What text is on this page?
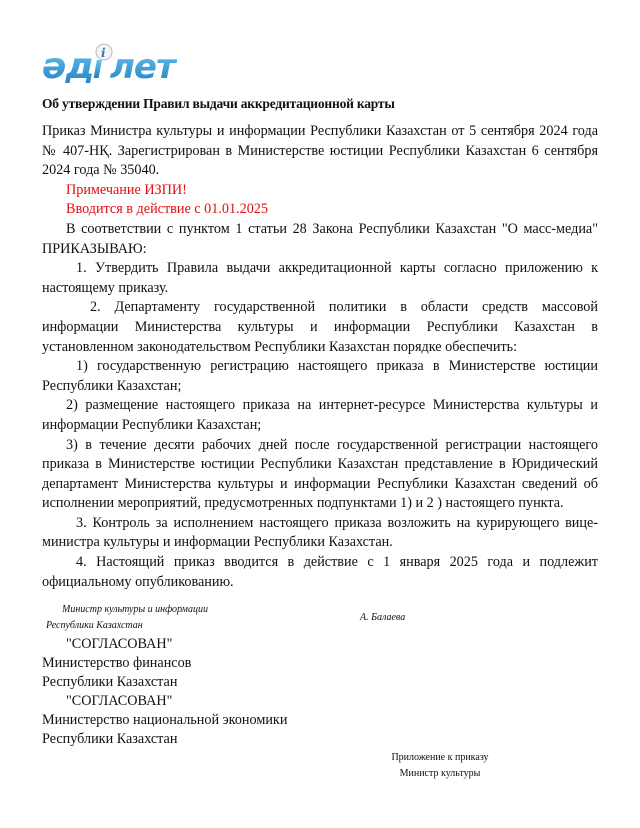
әд i лет
Об утверждении Правил выдачи аккредитационной карты

Приказ Министра культуры и информации Республики Казахстан от 5 сентября 2024 года № 407-НҚ. Зарегистрирован в Министерстве юстиции Республики Казахстан 6 сентября 2024 года № 35040.

Примечание ИЗПИ!

Вводится в действие с 01.01.2025

В соответствии с пунктом 1 статьи 28 Закона Республики Казахстан "О масс-медиа" ПРИКАЗЫВАЮ:

1. Утвердить Правила выдачи аккредитационной карты согласно приложению к настоящему приказу.

2. Департаменту государственной политики в области средств массовой информации Министерства культуры и информации Республики Казахстан в установленном законодательством Республики Казахстан порядке обеспечить:

1) государственную регистрацию настоящего приказа в Министерстве юстиции Республики Казахстан;

2) размещение настоящего приказа на интернет-ресурсе Министерства культуры и информации Республики Казахстан;

3) в течение десяти рабочих дней после государственной регистрации настоящего приказа в Министерстве юстиции Республики Казахстан представление в Юридический департамент Министерства культуры и информации Республики Казахстан сведений об исполнении мероприятий, предусмотренных подпунктами 1) и 2 ) настоящего пункта.

3. Контроль за исполнением настоящего приказа возложить на курирующего вице-министра культуры и информации Республики Казахстан.

4. Настоящий приказ вводится в действие с 1 января 2025 года и подлежит официальному опубликованию.

Министр культуры и информации
Республики Казахстан
А. Балаева
"СОГЛАСОВАН"
Министерство финансов
Республики Казахстан
"СОГЛАСОВАН"
Министерство национальной экономики
Республики Казахстан
Приложение к приказу
Министр культуры
